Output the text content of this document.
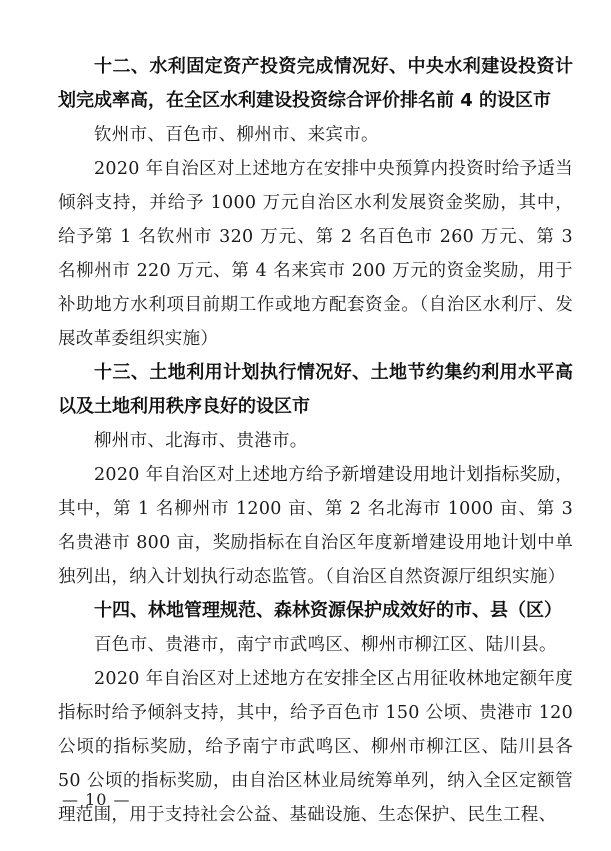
十二、水利固定资产投资完成情况好、中央水利建设投资计划完成率高，在全区水利建设投资综合评价排名前 4 的设区市

钦州市、百色市、柳州市、来宾市。

2020 年自治区对上述地方在安排中央预算内投资时给予适当倾斜支持，并给予 1000 万元自治区水利发展资金奖励，其中，给予第 1 名钦州市 320 万元、第 2 名百色市 260 万元、第 3 名柳州市 220 万元、第 4 名来宾市 200 万元的资金奖励，用于补助地方水利项目前期工作或地方配套资金。（自治区水利厅、发展改革委组织实施）

十三、土地利用计划执行情况好、土地节约集约利用水平高以及土地利用秩序良好的设区市

柳州市、北海市、贵港市。

2020 年自治区对上述地方给予新增建设用地计划指标奖励，其中，第 1 名柳州市 1200 亩、第 2 名北海市 1000 亩、第 3 名贵港市 800 亩，奖励指标在自治区年度新增建设用地计划中单独列出，纳入计划执行动态监管。（自治区自然资源厅组织实施）

十四、林地管理规范、森林资源保护成效好的市、县（区）

百色市、贵港市，南宁市武鸣区、柳州市柳江区、陆川县。

2020 年自治区对上述地方在安排全区占用征收林地定额年度指标时给予倾斜支持，其中，给予百色市 150 公顷、贵港市 120 公顷的指标奖励，给予南宁市武鸣区、柳州市柳江区、陆川县各 50 公顷的指标奖励，由自治区林业局统筹单列，纳入全区定额管理范围，用于支持社会公益、基础设施、生态保护、民生工程、

— 10 —
